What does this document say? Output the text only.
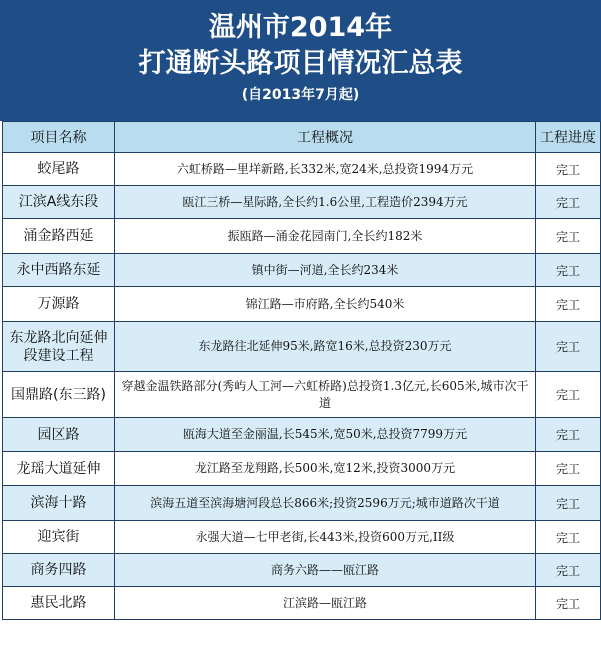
温州市2014年
打通断头路项目情况汇总表
(自2013年7月起)
项目名称	工程概况	工程进度
蛟尾路	六虹桥路—里垟新路,长332米,宽24米,总投资1994万元	完工
江滨A线东段	瓯江三桥—星际路,全长约1.6公里,工程造价2394万元	完工
涌金路西延	振瓯路—涌金花园南门,全长约182米	完工
永中西路东延	镇中街—河道,全长约234米	完工
万源路	锦江路—市府路,全长约540米	完工
东龙路北向延伸段建设工程	东龙路往北延伸95米,路宽16米,总投资230万元	完工
国鼎路(东三路)	穿越金温铁路部分(秀屿人工河—六虹桥路)总投资1.3亿元,长605米,城市次干道	完工
园区路	瓯海大道至金丽温,长545米,宽50米,总投资7799万元	完工
龙瑶大道延伸	龙江路至龙翔路,长500米,宽12米,投资3000万元	完工
滨海十路	滨海五道至滨海塘河段总长866米;投资2596万元;城市道路次干道	完工
迎宾街	永强大道—七甲老街,长443米,投资600万元,II级	完工
商务四路	商务六路——瓯江路	完工
惠民北路	江滨路—瓯江路	完工
